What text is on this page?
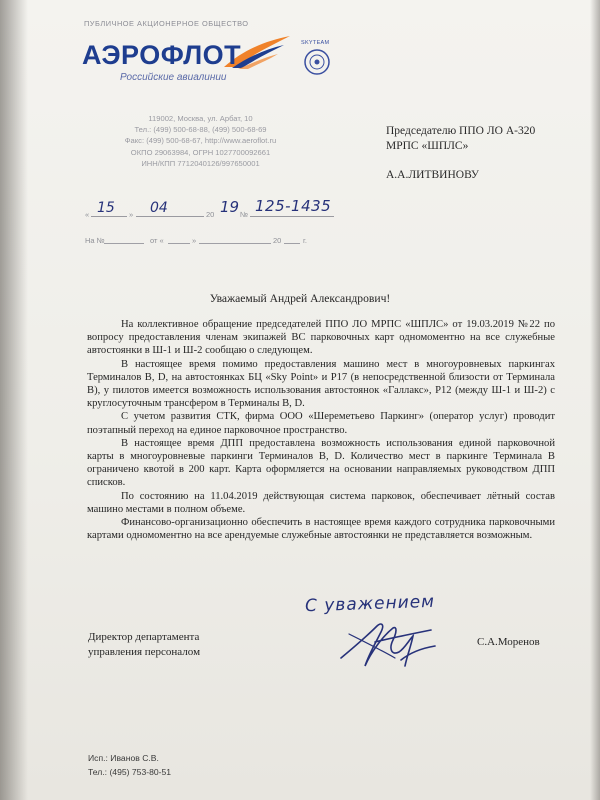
ПУБЛИЧНОЕ АКЦИОНЕРНОЕ ОБЩЕСТВО
АЭРОФЛОТ
Российские авиалинии
SKYTEAM
119002, Москва, ул. Арбат, 10
Тел.: (499) 500-68-88, (499) 500-68-69
Факс: (499) 500-68-67, http://www.aeroflot.ru
ОКПО 29063984, ОГРН 1027700092661
ИНН/КПП 7712040126/997650001
« 15 » 04	20 19 № 125-1435
На №	от «	»	20	г.
Председателю ППО ЛО А-320
МРПС «ШПЛС»
А.А.ЛИТВИНОВУ
Уважаемый Андрей Александрович!

На коллективное обращение председателей ППО ЛО МРПС «ШПЛС» от 19.03.2019 №22 по вопросу предоставления членам экипажей ВС парковочных карт одномоментно на все служебные автостоянки в Ш-1 и Ш-2 сообщаю о следующем.

В настоящее время помимо предоставления машино мест в многоуровневых паркингах Терминалов B, D, на автостоянках БЦ «Sky Point» и Р17 (в непосредственной близости от Терминала B), у пилотов имеется возможность использования автостоянок «Галлакс», Р12 (между Ш-1 и Ш-2) с круглосуточным трансфером в Терминалы B, D.

С учетом развития СТК, фирма ООО «Шереметьево Паркинг» (оператор услуг) проводит поэтапный переход на единое парковочное пространство.

В настоящее время ДПП предоставлена возможность использования единой парковочной карты в многоуровневые паркинги Терминалов B, D. Количество мест в паркинге Терминала B ограничено квотой в 200 карт. Карта оформляется на основании направляемых руководством ДПП списков.

По состоянию на 11.04.2019 действующая система парковок, обеспечивает лётный состав машино местами в полном объеме.

Финансово-организационно обеспечить в настоящее время каждого сотрудника парковочными картами одномоментно на все арендуемые служебные автостоянки не представляется возможным.

С уважением
Директор департамента
управления персоналом
С.А.Моренов
Исп.: Иванов С.В.
Тел.: (495) 753-80-51
